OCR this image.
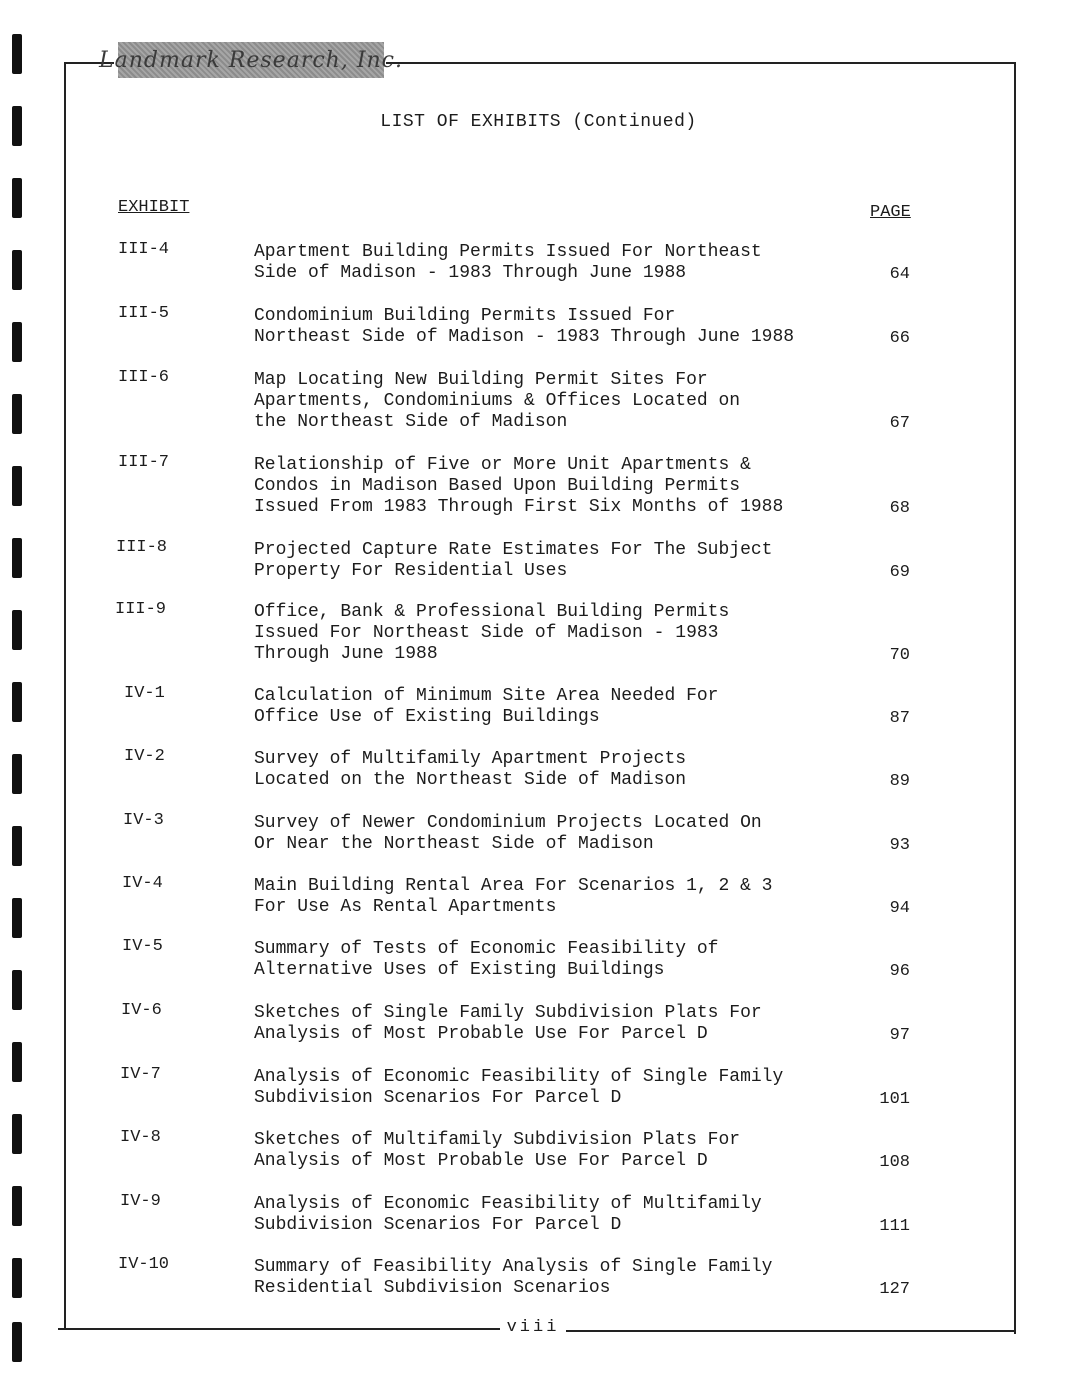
Landmark Research, Inc.
LIST OF EXHIBITS (Continued)
EXHIBIT	PAGE
III-4	Apartment Building Permits Issued For Northeast
Side of Madison - 1983 Through June 1988	64
III-5	Condominium Building Permits Issued For
Northeast Side of Madison - 1983 Through June 1988	66
III-6	Map Locating New Building Permit Sites For
Apartments, Condominiums & Offices Located on
the Northeast Side of Madison	67
III-7	Relationship of Five or More Unit Apartments &
Condos in Madison Based Upon Building Permits
Issued From 1983 Through First Six Months of 1988	68
III-8	Projected Capture Rate Estimates For The Subject
Property For Residential Uses	69
III-9	Office, Bank & Professional Building Permits
Issued For Northeast Side of Madison - 1983
Through June 1988	70
IV-1	Calculation of Minimum Site Area Needed For
Office Use of Existing Buildings	87
IV-2	Survey of Multifamily Apartment Projects
Located on the Northeast Side of Madison	89
IV-3	Survey of Newer Condominium Projects Located On
Or Near the Northeast Side of Madison	93
IV-4	Main Building Rental Area For Scenarios 1, 2 & 3
For Use As Rental Apartments	94
IV-5	Summary of Tests of Economic Feasibility of
Alternative Uses of Existing Buildings	96
IV-6	Sketches of Single Family Subdivision Plats For
Analysis of Most Probable Use For Parcel D	97
IV-7	Analysis of Economic Feasibility of Single Family
Subdivision Scenarios For Parcel D	101
IV-8	Sketches of Multifamily Subdivision Plats For
Analysis of Most Probable Use For Parcel D	108
IV-9	Analysis of Economic Feasibility of Multifamily
Subdivision Scenarios For Parcel D	111
IV-10	Summary of Feasibility Analysis of Single Family
Residential Subdivision Scenarios	127
viii
